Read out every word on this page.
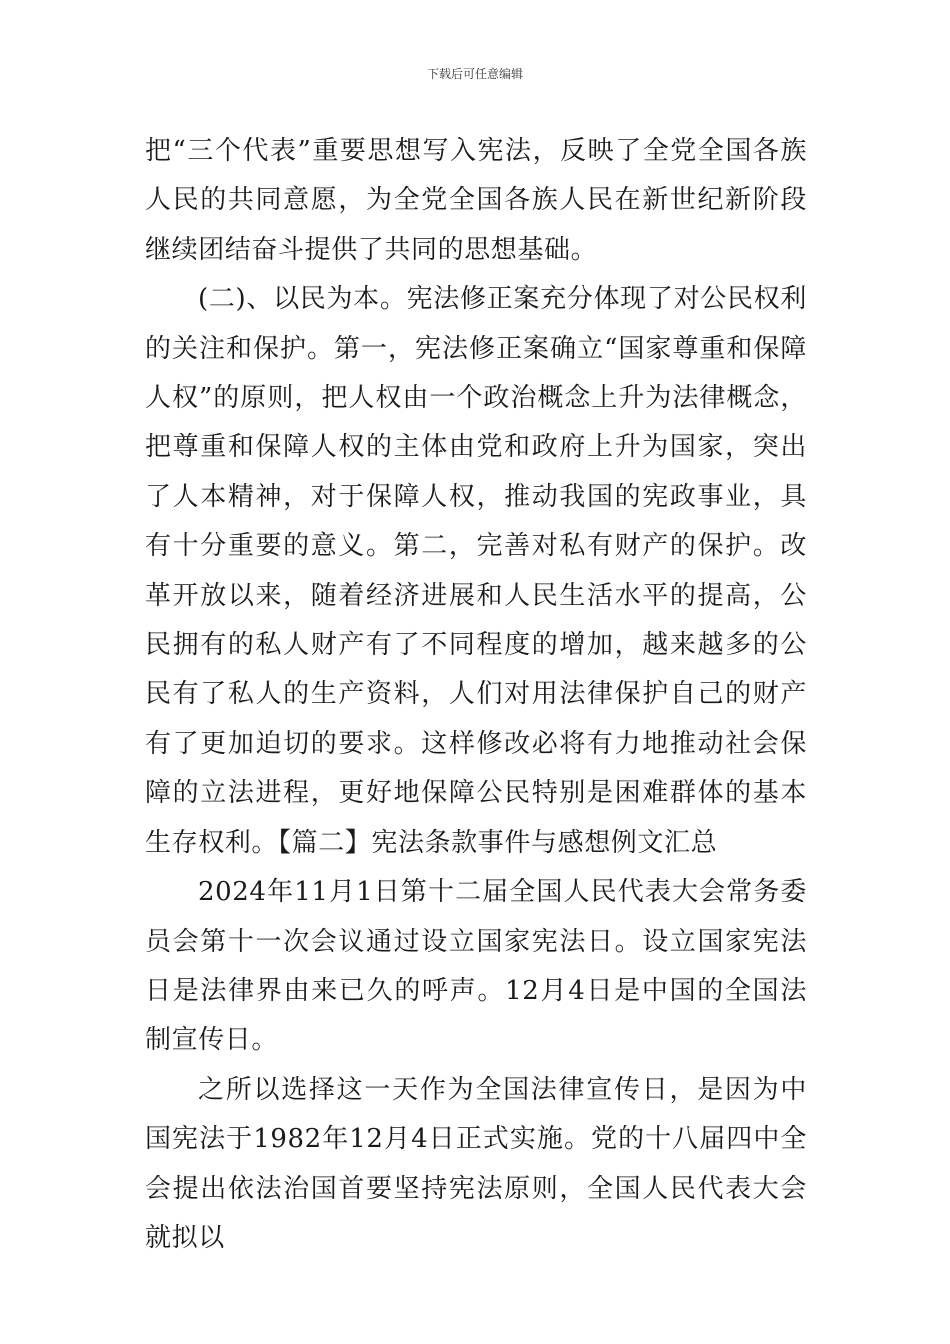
下载后可任意编辑

把“三个代表”重要思想写入宪法，反映了全党全国各族人民的共同意愿，为全党全国各族人民在新世纪新阶段继续团结奋斗提供了共同的思想基础。

(二)、以民为本。宪法修正案充分体现了对公民权利的关注和保护。第一，宪法修正案确立“国家尊重和保障人权”的原则，把人权由一个政治概念上升为法律概念，把尊重和保障人权的主体由党和政府上升为国家，突出了人本精神，对于保障人权，推动我国的宪政事业，具有十分重要的意义。第二，完善对私有财产的保护。改革开放以来，随着经济进展和人民生活水平的提高，公民拥有的私人财产有了不同程度的增加，越来越多的公民有了私人的生产资料，人们对用法律保护自己的财产有了更加迫切的要求。这样修改必将有力地推动社会保障的立法进程，更好地保障公民特别是困难群体的基本生存权利。【篇二】宪法条款事件与感想例文汇总

2024年11月1日第十二届全国人民代表大会常务委员会第十一次会议通过设立国家宪法日。设立国家宪法日是法律界由来已久的呼声。12月4日是中国的全国法制宣传日。

之所以选择这一天作为全国法律宣传日，是因为中国宪法于1982年12月4日正式实施。党的十八届四中全会提出依法治国首要坚持宪法原则，全国人民代表大会就拟以
